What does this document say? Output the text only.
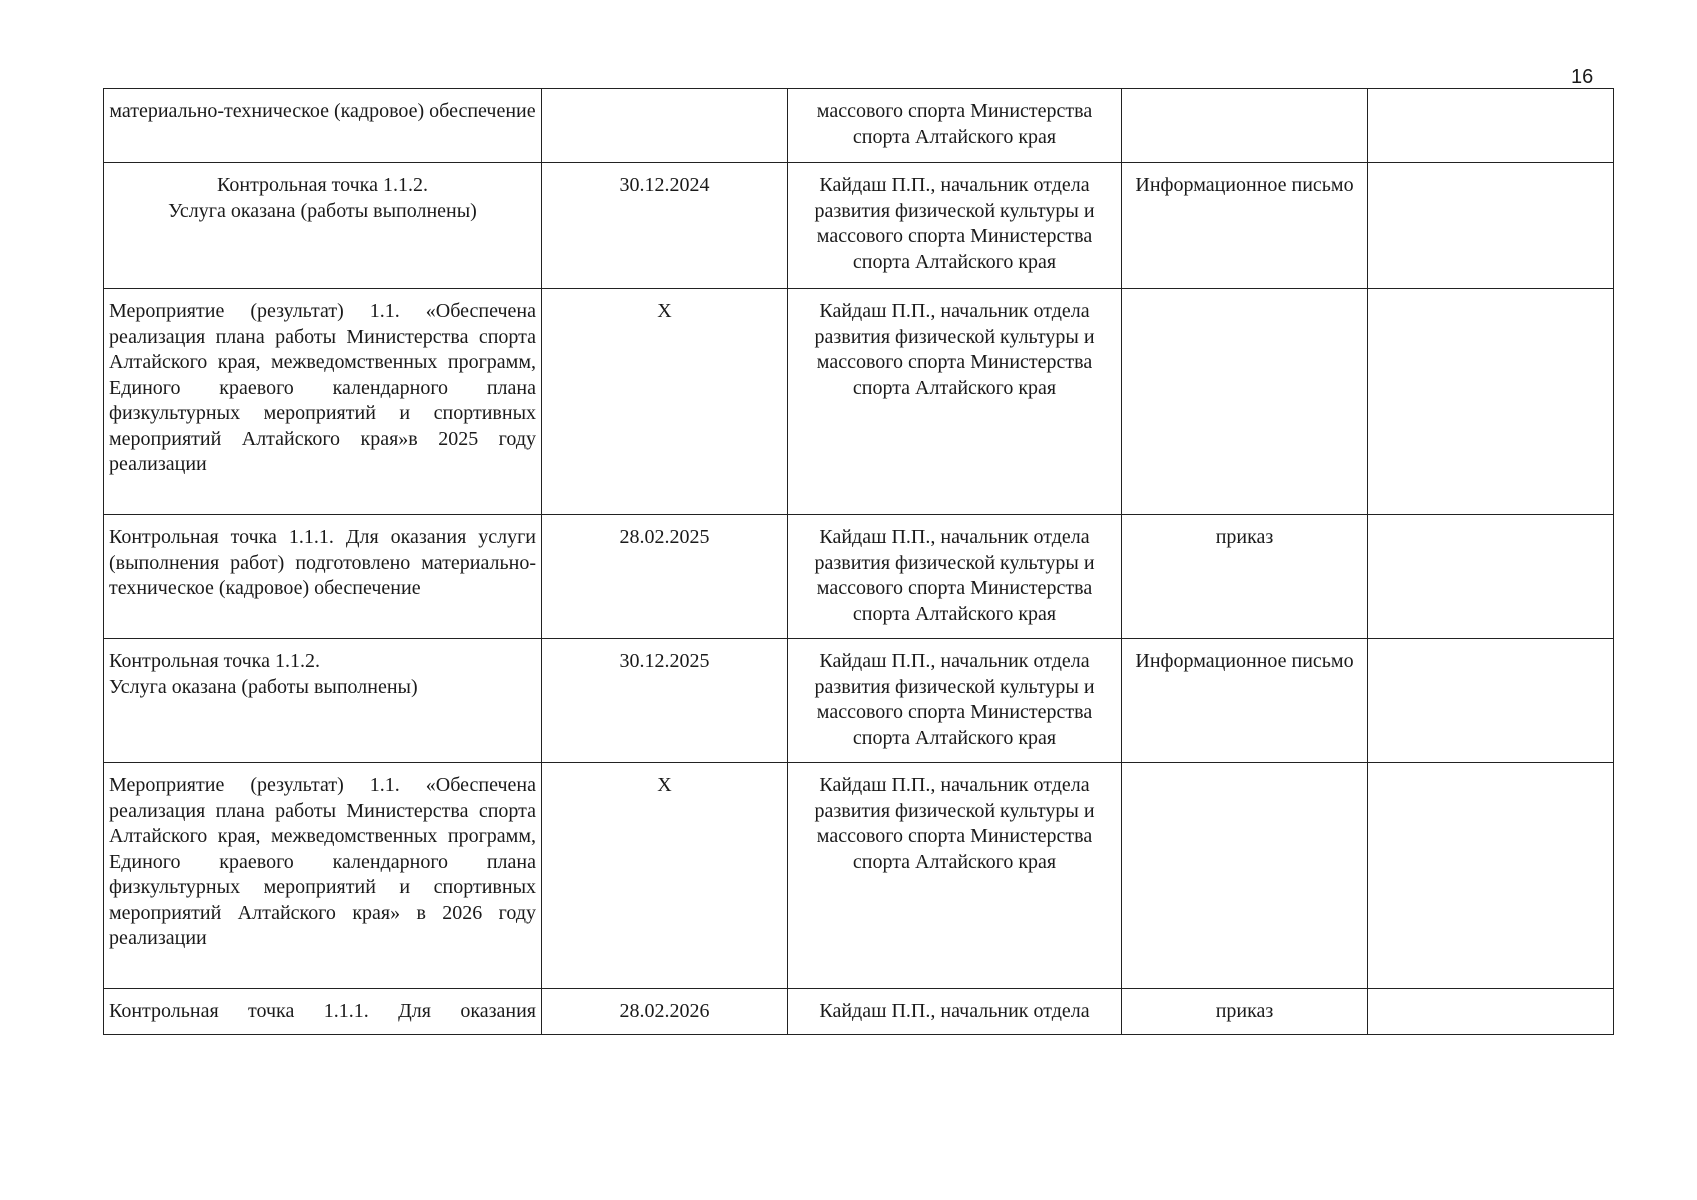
16
материально-техническое (кадровое) обеспечение		массового спорта Министерства спорта Алтайского края		

Контрольная точка 1.1.2.
Услуга оказана (работы выполнены)	30.12.2024	Кайдаш П.П., начальник отдела развития физической культуры и массового спорта Министерства спорта Алтайского края	Информационное письмо	
Мероприятие (результат) 1.1. «Обеспечена реализация плана работы Министерства спорта Алтайского края, межведомственных программ, Единого краевого календарного плана физкультурных мероприятий и спортивных мероприятий Алтайского края»в 2025 году реализации	X	Кайдаш П.П., начальник отдела развития физической культуры и массового спорта Министерства спорта Алтайского края		
Контрольная точка 1.1.1. Для оказания услуги (выполнения работ) подготовлено материально-техническое (кадровое) обеспечение	28.02.2025	Кайдаш П.П., начальник отдела развития физической культуры и массового спорта Министерства спорта Алтайского края	приказ	

Контрольная точка 1.1.2.
Услуга оказана (работы выполнены)	30.12.2025	Кайдаш П.П., начальник отдела развития физической культуры и массового спорта Министерства спорта Алтайского края	Информационное письмо	
Мероприятие (результат) 1.1. «Обеспечена реализация плана работы Министерства спорта Алтайского края, межведомственных программ, Единого краевого календарного плана физкультурных мероприятий и спортивных мероприятий Алтайского края» в 2026 году реализации	X	Кайдаш П.П., начальник отдела развития физической культуры и массового спорта Министерства спорта Алтайского края		
Контрольная точка 1.1.1. Для оказания	28.02.2026	Кайдаш П.П., начальник отдела	приказ	
